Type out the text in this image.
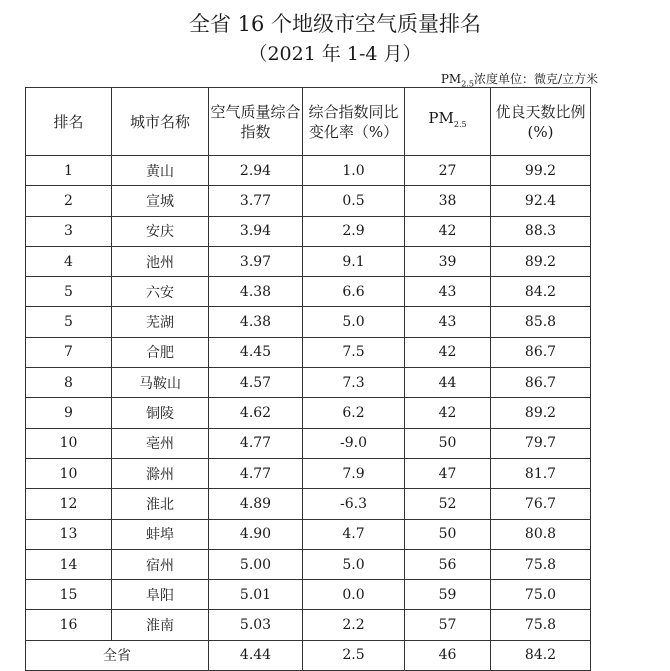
全省 16 个地级市空气质量排名
（2021 年 1-4 月）
$PM_{2.5}$浓度单位：微克/立方米
排名	城市名称	空气质量综合指数	综合指数同比变化率（%）	$PM_{2.5}$	优良天数比例(%)
1	黄山	2.94	1.0	27	99.2
2	宣城	3.77	0.5	38	92.4
3	安庆	3.94	2.9	42	88.3
4	池州	3.97	9.1	39	89.2
5	六安	4.38	6.6	43	84.2
5	芜湖	4.38	5.0	43	85.8
7	合肥	4.45	7.5	42	86.7
8	马鞍山	4.57	7.3	44	86.7
9	铜陵	4.62	6.2	42	89.2
10	亳州	4.77	-9.0	50	79.7
10	滁州	4.77	7.9	47	81.7
12	淮北	4.89	-6.3	52	76.7
13	蚌埠	4.90	4.7	50	80.8
14	宿州	5.00	5.0	56	75.8
15	阜阳	5.01	0.0	59	75.0
16	淮南	5.03	2.2	57	75.8
全省		4.44	2.5	46	84.2
